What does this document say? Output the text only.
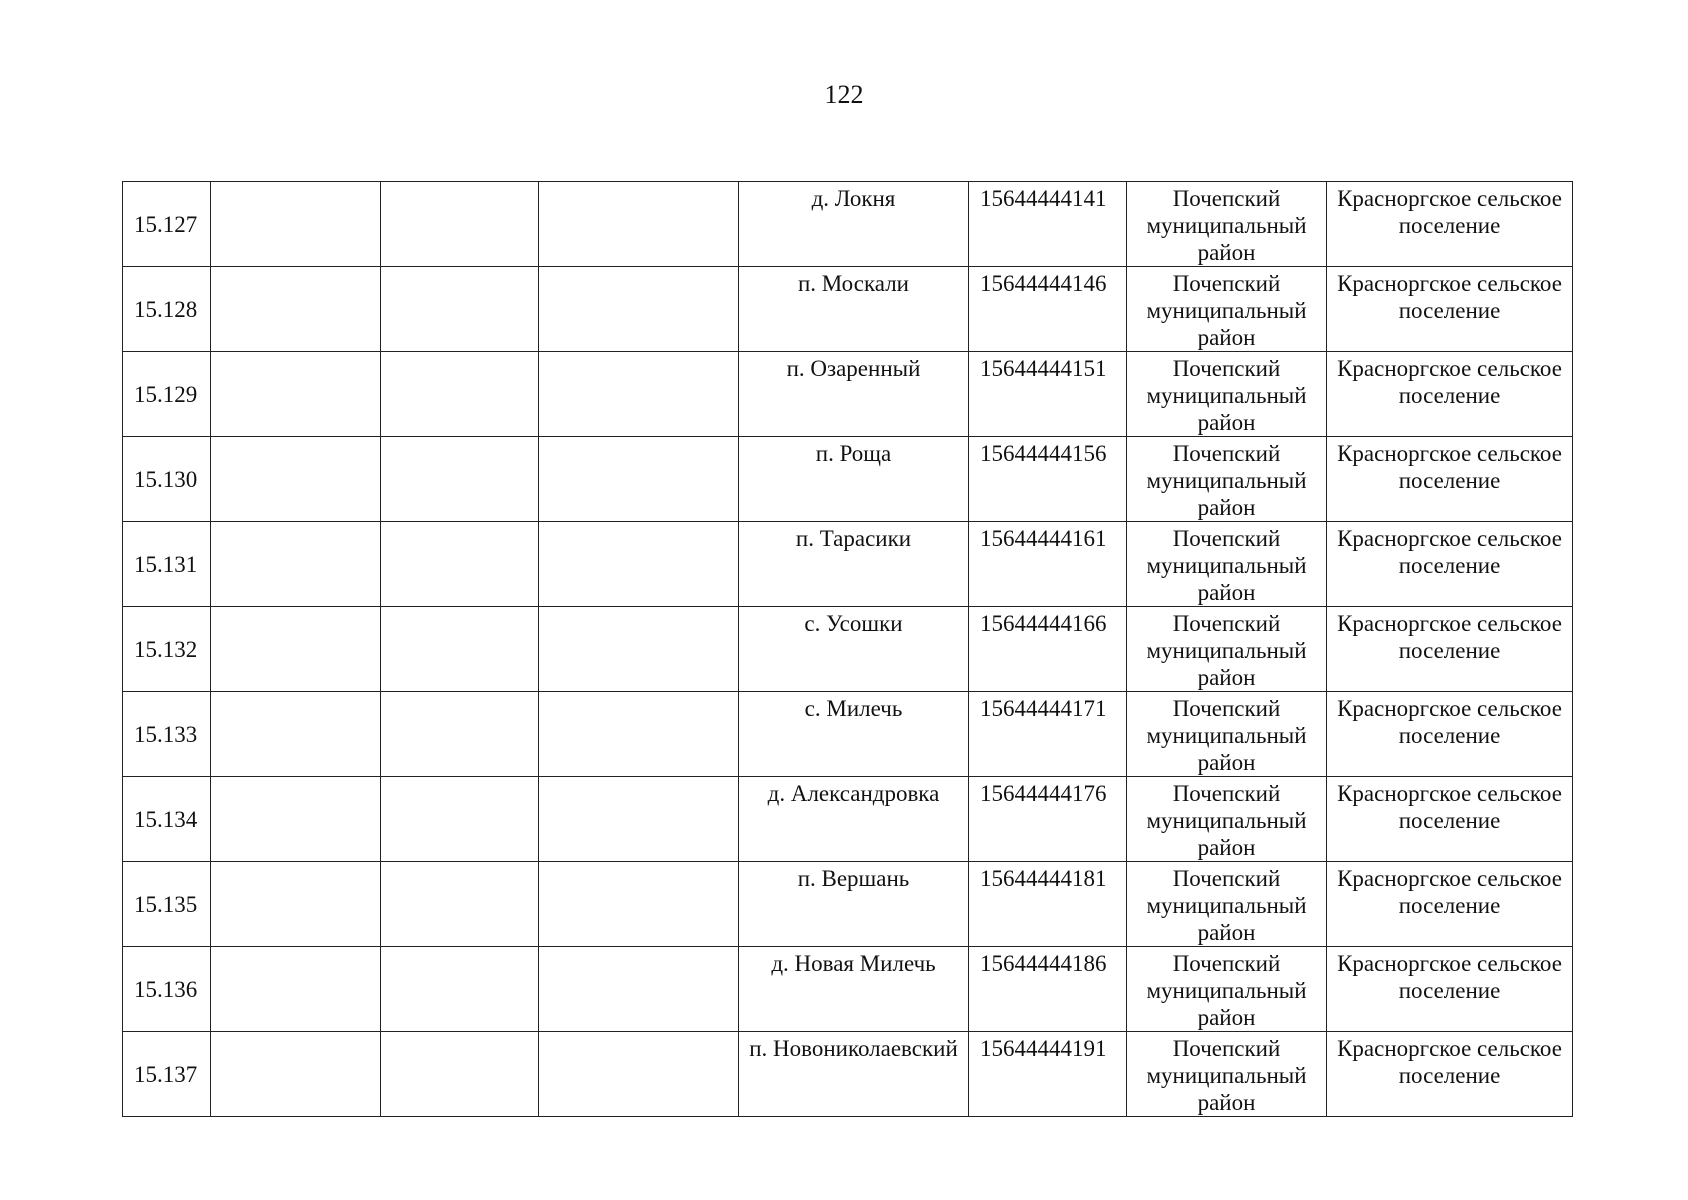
122
15.127				д. Локня	15644444141	Почепский муниципальный район	Красноргское сельское поселение
15.128				п. Москали	15644444146	Почепский муниципальный район	Красноргское сельское поселение
15.129				п. Озаренный	15644444151	Почепский муниципальный район	Красноргское сельское поселение
15.130				п. Роща	15644444156	Почепский муниципальный район	Красноргское сельское поселение
15.131				п. Тарасики	15644444161	Почепский муниципальный район	Красноргское сельское поселение
15.132				с. Усошки	15644444166	Почепский муниципальный район	Красноргское сельское поселение
15.133				с. Милечь	15644444171	Почепский муниципальный район	Красноргское сельское поселение
15.134				д. Александровка	15644444176	Почепский муниципальный район	Красноргское сельское поселение
15.135				п. Вершань	15644444181	Почепский муниципальный район	Красноргское сельское поселение
15.136				д. Новая Милечь	15644444186	Почепский муниципальный район	Красноргское сельское поселение
15.137				п. Новониколаевский	15644444191	Почепский муниципальный район	Красноргское сельское поселение
